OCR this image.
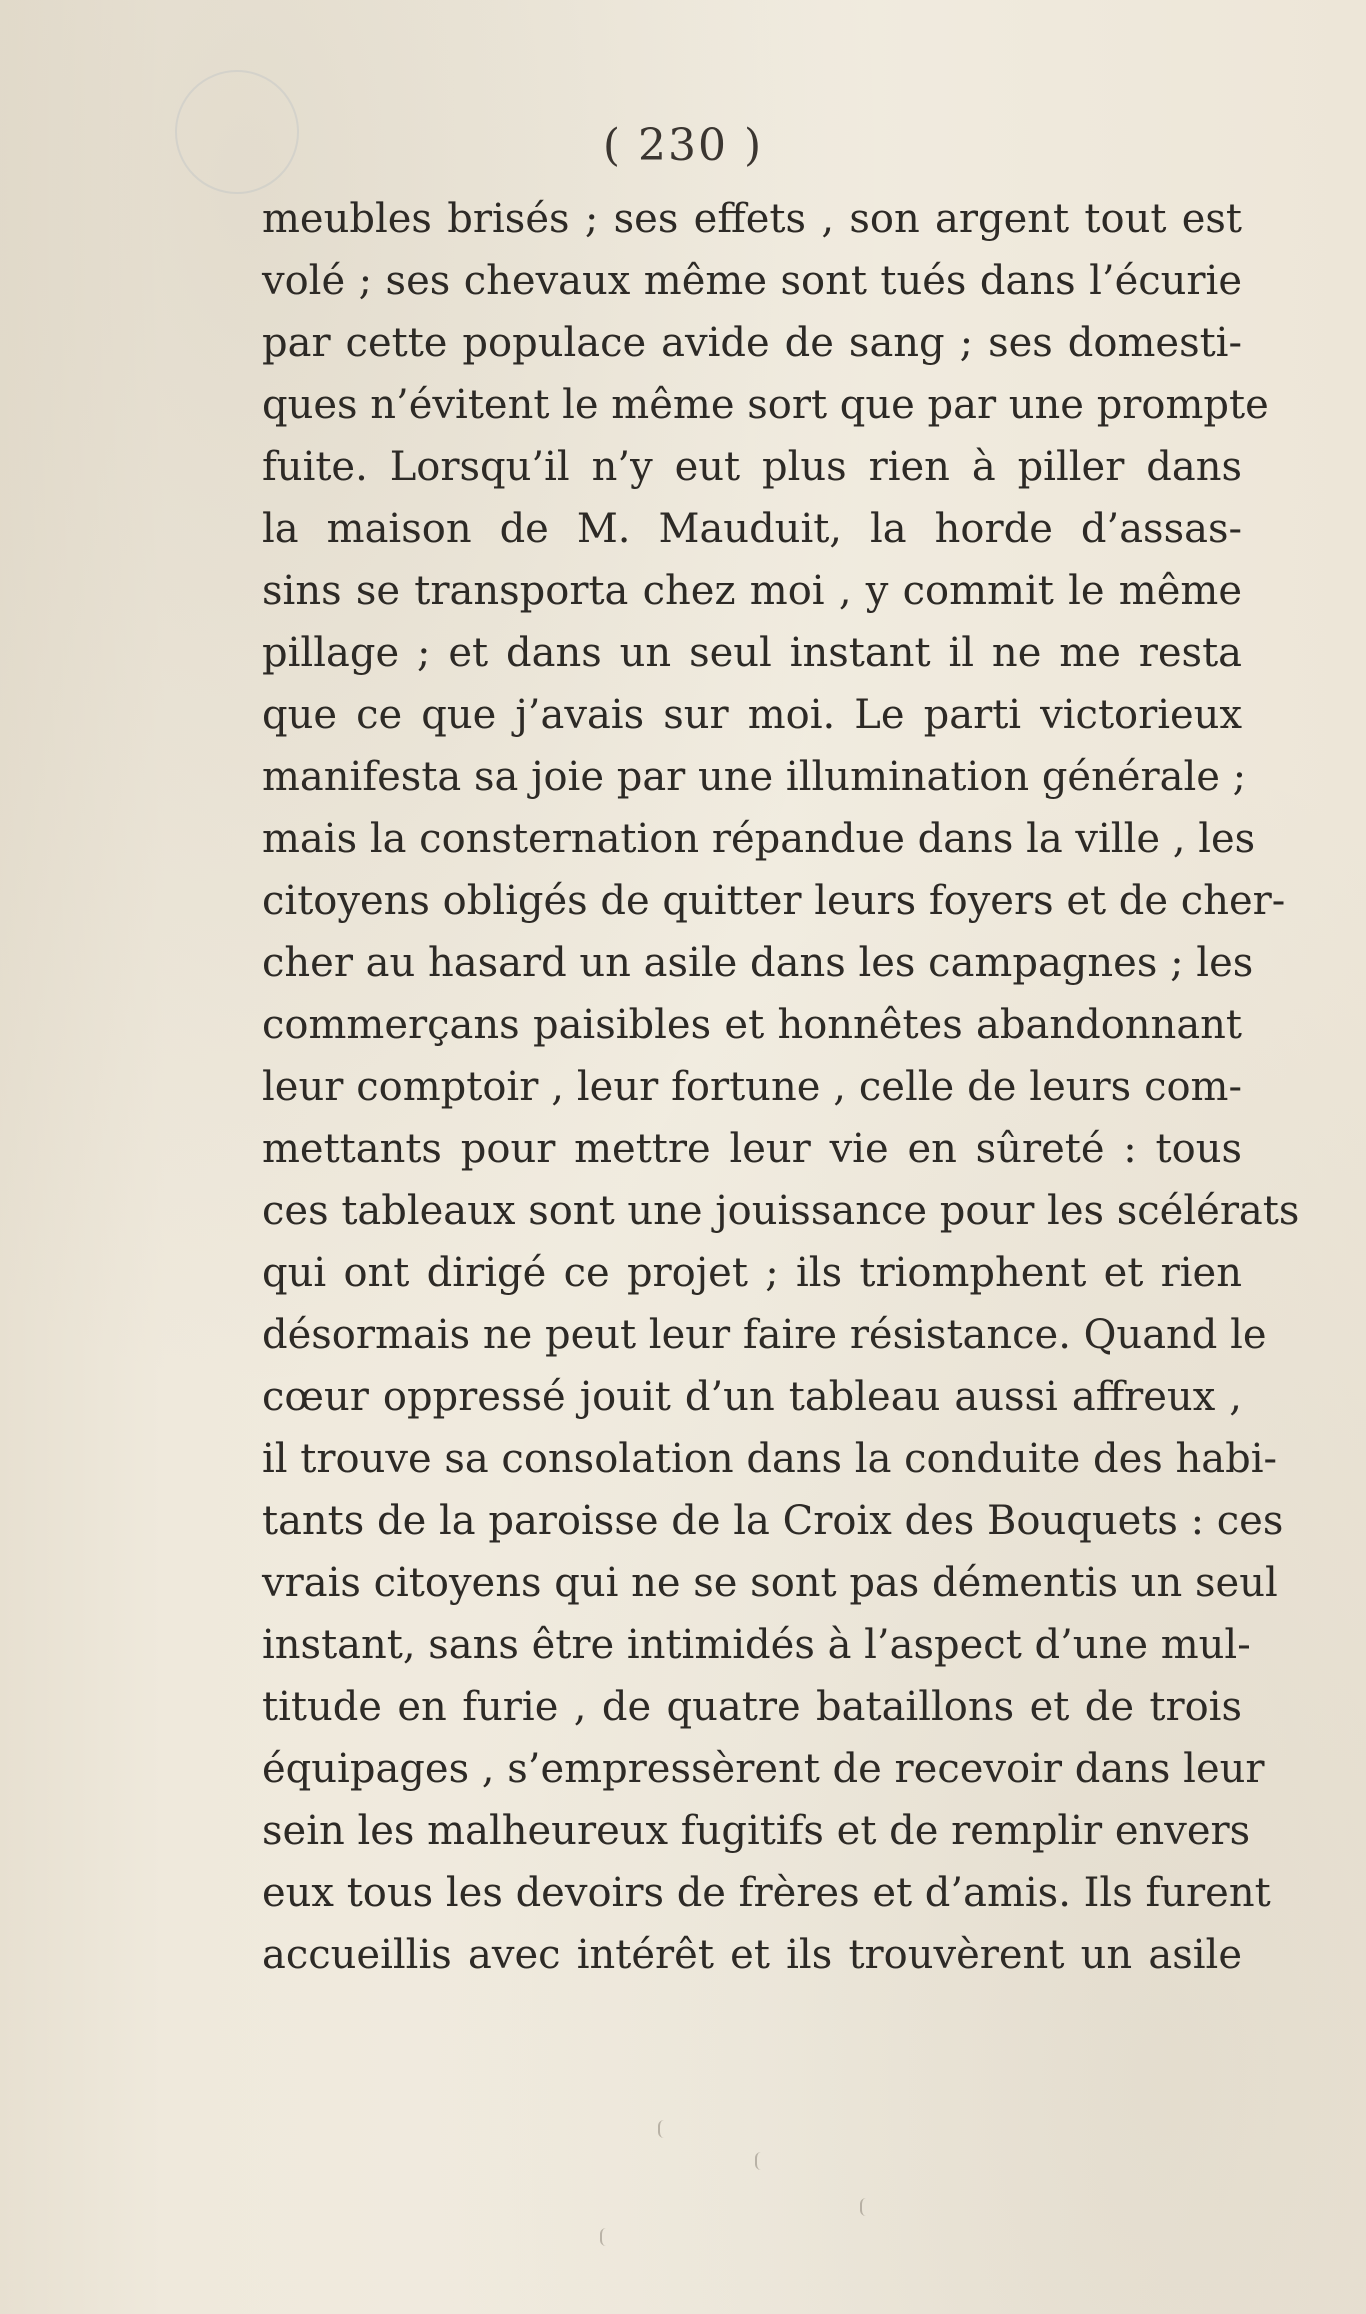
( 230 )
meubles brisés ; ses effets , son argent tout est
volé ; ses chevaux même sont tués dans l’écurie
par cette populace avide de sang ; ses domesti-
ques n’évitent le même sort que par une prompte
fuite. Lorsqu’il n’y eut plus rien à piller dans
la maison de M. Mauduit, la horde d’assas-
sins se transporta chez moi , y commit le même
pillage ; et dans un seul instant il ne me resta
que ce que j’avais sur moi. Le parti victorieux
manifesta sa joie par une illumination générale ;
mais la consternation répandue dans la ville , les
citoyens obligés de quitter leurs foyers et de cher-
cher au hasard un asile dans les campagnes ; les
commerçans paisibles et honnêtes abandonnant
leur comptoir , leur fortune , celle de leurs com-
mettants pour mettre leur vie en sûreté : tous
ces tableaux sont une jouissance pour les scélérats
qui ont dirigé ce projet ; ils triomphent et rien
désormais ne peut leur faire résistance. Quand le
cœur oppressé jouit d’un tableau aussi affreux ,
il trouve sa consolation dans la conduite des habi-
tants de la paroisse de la Croix des Bouquets : ces
vrais citoyens qui ne se sont pas démentis un seul
instant, sans être intimidés à l’aspect d’une mul-
titude en furie , de quatre bataillons et de trois
équipages , s’empressèrent de recevoir dans leur
sein les malheureux fugitifs et de remplir envers
eux tous les devoirs de frères et d’amis. Ils furent
accueillis avec intérêt et ils trouvèrent un asile
